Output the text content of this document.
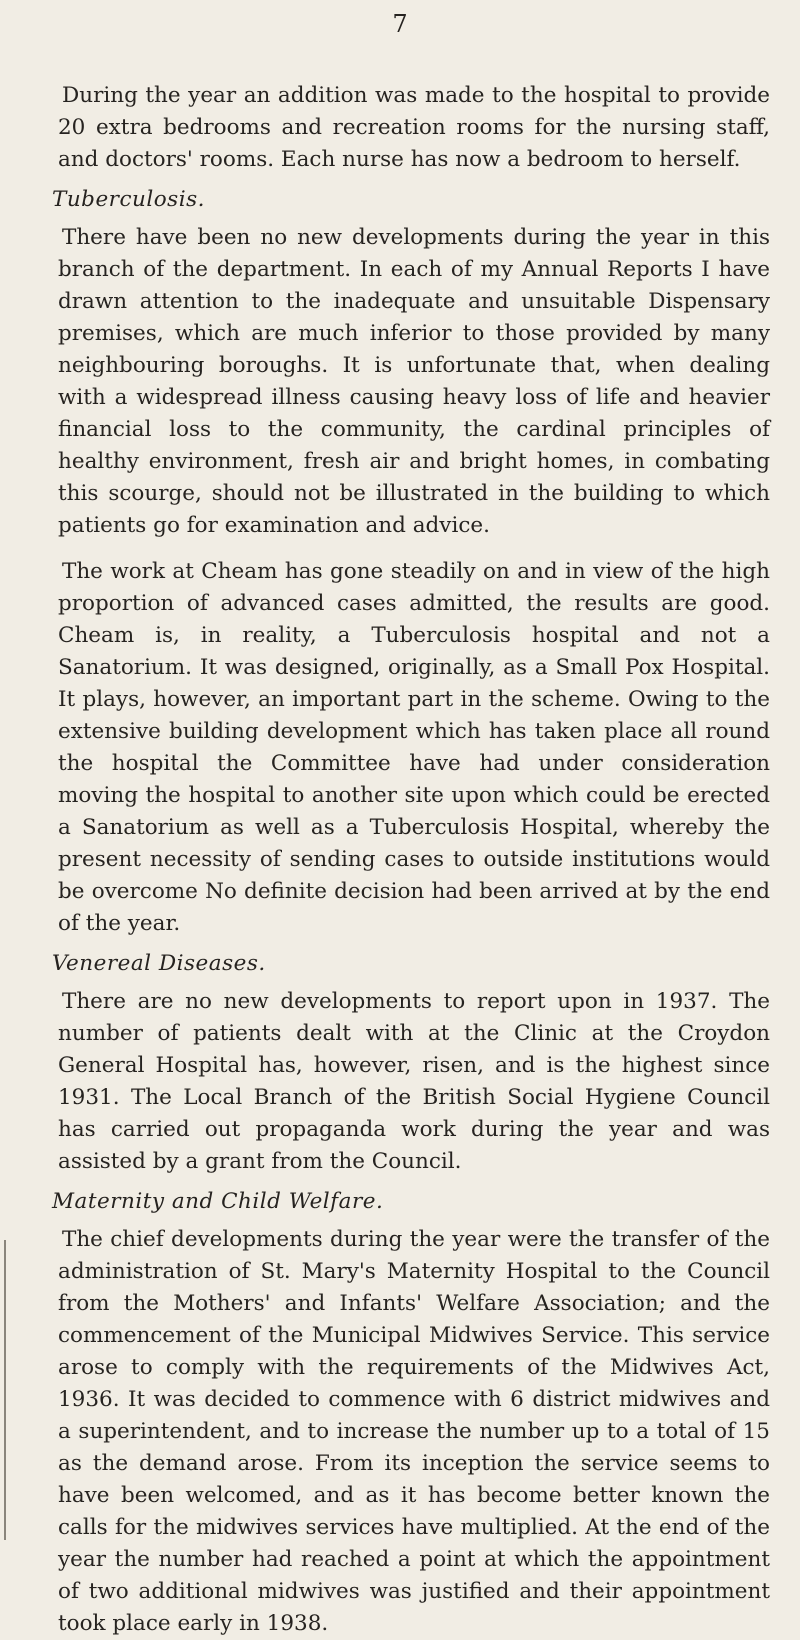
7

During the year an addition was made to the hospital to provide 20 extra bedrooms and recreation rooms for the nursing staff, and doctors' rooms. Each nurse has now a bedroom to herself.

Tuberculosis.

There have been no new developments during the year in this branch of the department. In each of my Annual Reports I have drawn attention to the inadequate and unsuitable Dispensary premises, which are much inferior to those provided by many neighbouring boroughs. It is unfortunate that, when dealing with a widespread illness causing heavy loss of life and heavier financial loss to the community, the cardinal principles of healthy environment, fresh air and bright homes, in combating this scourge, should not be illustrated in the building to which patients go for examination and advice.

The work at Cheam has gone steadily on and in view of the high proportion of advanced cases admitted, the results are good. Cheam is, in reality, a Tuberculosis hospital and not a Sanatorium. It was designed, originally, as a Small Pox Hospital. It plays, however, an important part in the scheme. Owing to the extensive building development which has taken place all round the hospital the Committee have had under consideration moving the hospital to another site upon which could be erected a Sanatorium as well as a Tuberculosis Hospital, whereby the present necessity of sending cases to outside institutions would be overcome No definite decision had been arrived at by the end of the year.

Venereal Diseases.

There are no new developments to report upon in 1937. The number of patients dealt with at the Clinic at the Croydon General Hospital has, however, risen, and is the highest since 1931. The Local Branch of the British Social Hygiene Council has carried out propaganda work during the year and was assisted by a grant from the Council.

Maternity and Child Welfare.

The chief developments during the year were the transfer of the administration of St. Mary's Maternity Hospital to the Council from the Mothers' and Infants' Welfare Association; and the commencement of the Municipal Midwives Service. This service arose to comply with the requirements of the Midwives Act, 1936. It was decided to commence with 6 district midwives and a superintendent, and to increase the number up to a total of 15 as the demand arose. From its inception the service seems to have been welcomed, and as it has become better known the calls for the midwives services have multiplied. At the end of the year the number had reached a point at which the appointment of two additional midwives was justified and their appointment took place early in 1938.
